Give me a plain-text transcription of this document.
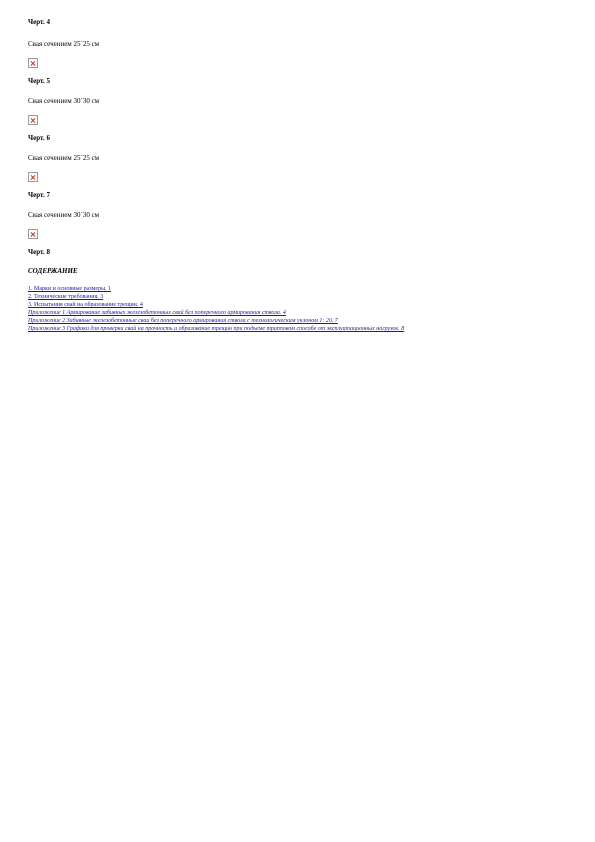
Черт. 4

Свая сечением 25´25 см

Черт. 5

Свая сечением 30´30 см

Черт. 6

Свая сечением 25´25 см

Черт. 7

Свая сечением 30´30 см

Черт. 8

СОДЕРЖАНИЕ

1. Марки и основные размеры. 1
2. Технические требования. 3
3. Испытания свай на образование трещин. 4
Приложение 1 Армирование забивных железобетонных свай без поперечного армирования ствола. 4
Приложение 2 Забивные железобетонные сваи без поперечного армирования ствола с технологическим уклоном 1: 20. 7
Приложение 3 Графики для проверки свай на прочность и образование трещин при подъеме трапповом способе от эксплуатационных нагрузок. 8
